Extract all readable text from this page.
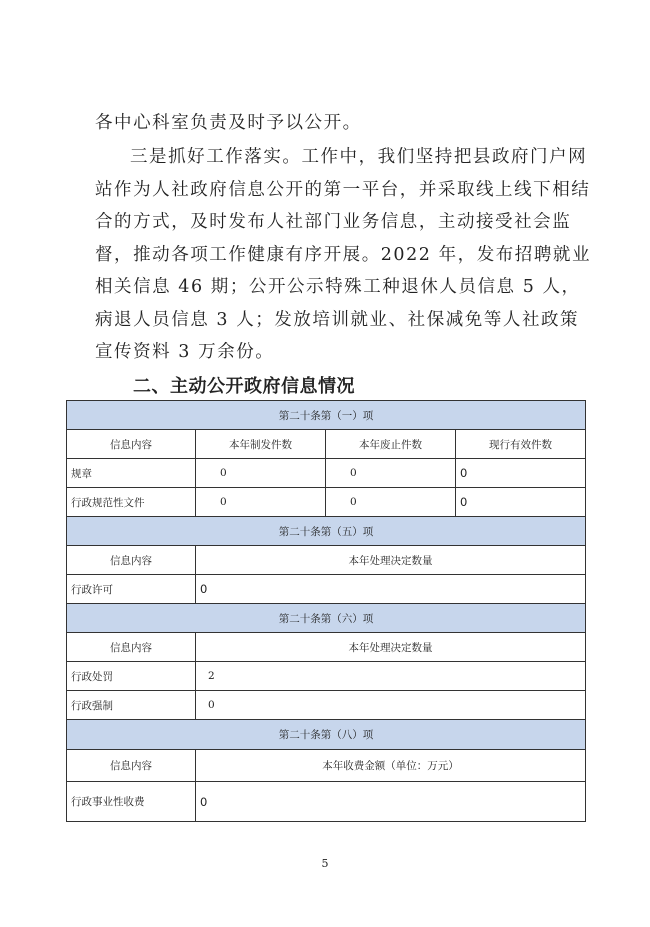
各中心科室负责及时予以公开。

三是抓好工作落实。工作中，我们坚持把县政府门户网站作为人社政府信息公开的第一平台，并采取线上线下相结合的方式，及时发布人社部门业务信息，主动接受社会监督，推动各项工作健康有序开展。2022 年，发布招聘就业相关信息 46 期；公开公示特殊工种退休人员信息 5 人，病退人员信息 3 人；发放培训就业、社保减免等人社政策宣传资料 3 万余份。

二、主动公开政府信息情况
第二十条第（一）项			
信息内容	本年制发件数	本年废止件数	现行有效件数
规章	0	0	0
行政规范性文件	0	0	0
第二十条第（五）项			
信息内容	本年处理决定数量		
行政许可	0		
第二十条第（六）项			
信息内容	本年处理决定数量		
行政处罚	2		
行政强制	0		
第二十条第（八）项			
信息内容	本年收费金额（单位：万元）		
行政事业性收费	0		
5
